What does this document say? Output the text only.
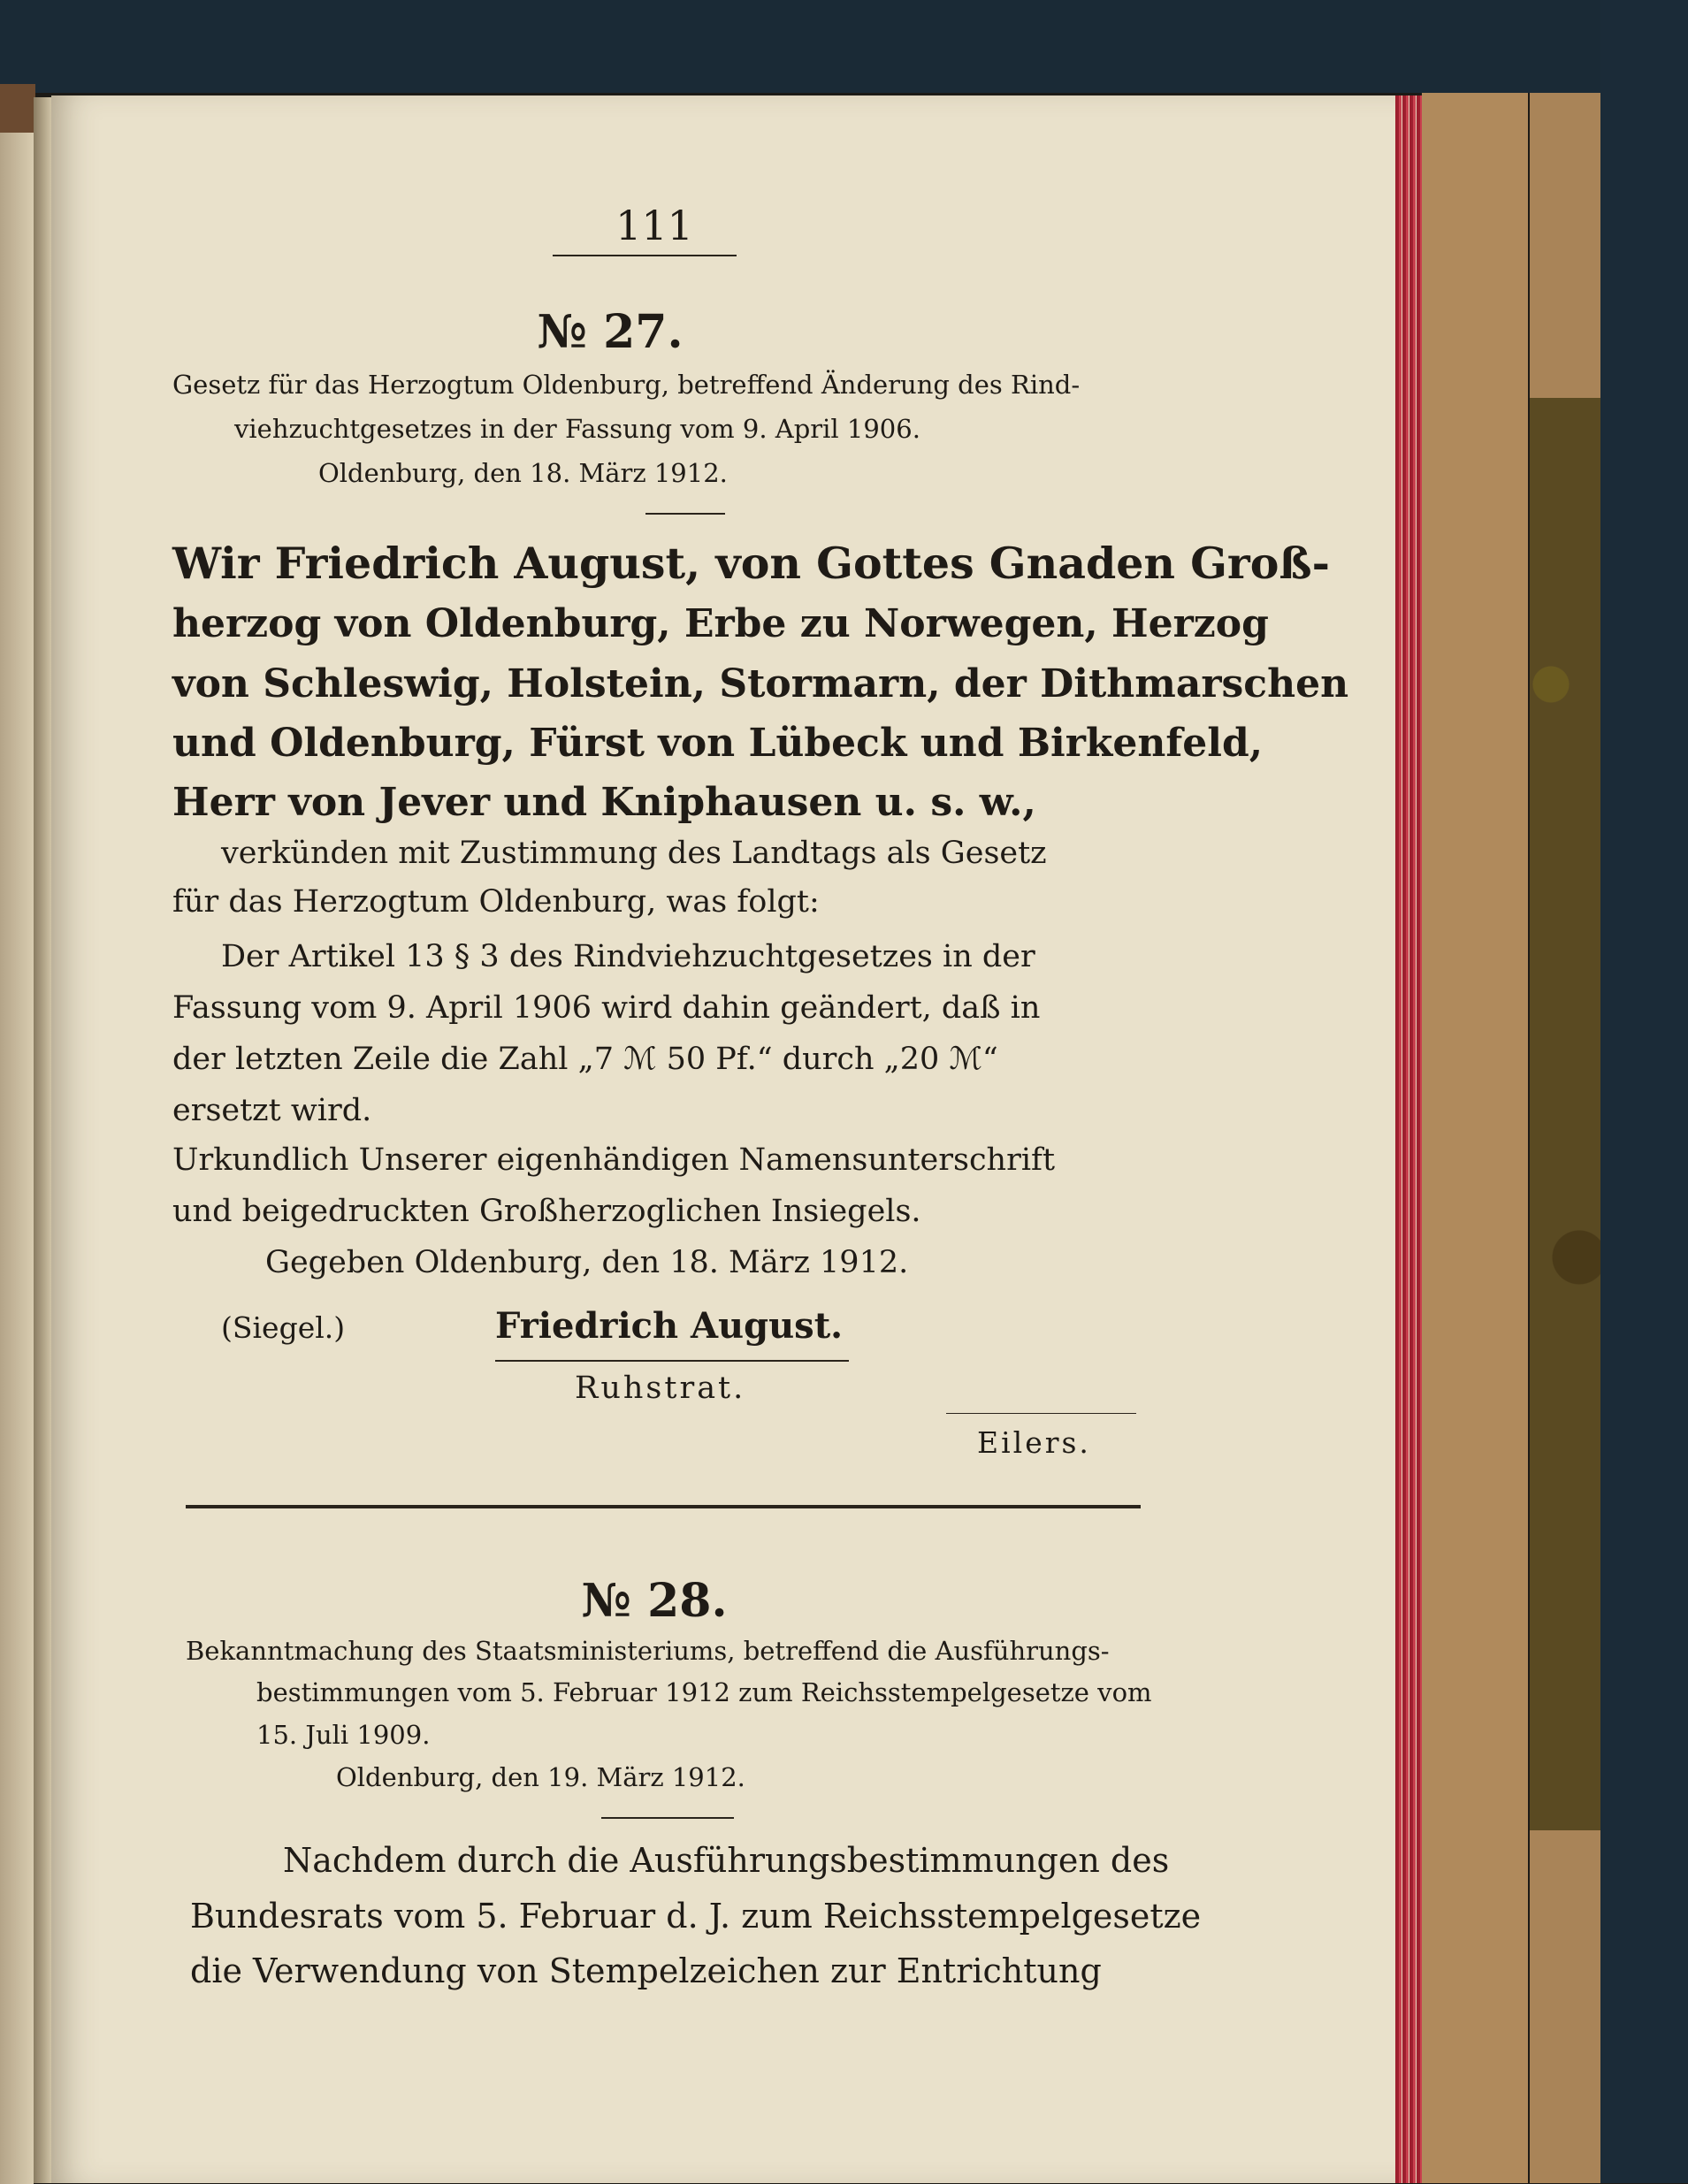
111
№ 27.
Gesetz für das Herzogtum Oldenburg, betreffend Änderung des Rind-
viehzuchtgesetzes in der Fassung vom 9. April 1906.
Oldenburg, den 18. März 1912.
Wir Friedrich August, von Gottes Gnaden Groß-
herzog von Oldenburg, Erbe zu Norwegen, Herzog
von Schleswig, Holstein, Stormarn, der Dithmarschen
und Oldenburg, Fürst von Lübeck und Birkenfeld,
Herr von Jever und Kniphausen u. s. w.,
verkünden mit Zustimmung des Landtags als Gesetz
für das Herzogtum Oldenburg, was folgt:
Der Artikel 13 § 3 des Rindviehzuchtgesetzes in der
Fassung vom 9. April 1906 wird dahin geändert, daß in
der letzten Zeile die Zahl „7 ℳ 50 Pf.“ durch „20 ℳ“
ersetzt wird.
Urkundlich Unserer eigenhändigen Namensunterschrift
und beigedruckten Großherzoglichen Insiegels.
Gegeben Oldenburg, den 18. März 1912.
(Siegel.)	Friedrich August.
Ruhstrat.
Eilers.
№ 28.
Bekanntmachung des Staatsministeriums, betreffend die Ausführungs-
bestimmungen vom 5. Februar 1912 zum Reichsstempelgesetze vom
15. Juli 1909.
Oldenburg, den 19. März 1912.
Nachdem durch die Ausführungsbestimmungen des
Bundesrats vom 5. Februar d. J. zum Reichsstempelgesetze
die Verwendung von Stempelzeichen zur Entrichtung
